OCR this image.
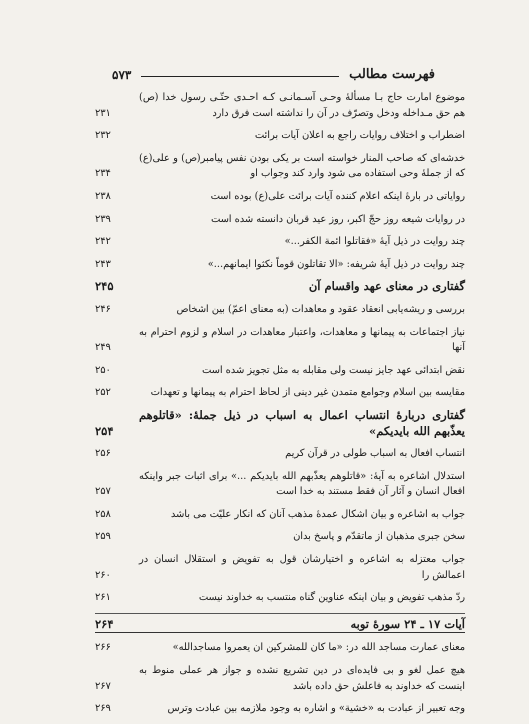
فهرست مطالب
۵۷۳
موضوع امارت حاج بـا مسألهٔ وحـی آسـمانـی کـه احـدی حتّـی رسول خدا (ص) هم حق مـداخله ودخل وتصرّف در آن را نداشته است فرق دارد
۲۳۱
اضطراب و اختلاف روایات راجع به اعلان آیات برائت
۲۳۲
خدشه‌ای که صاحب المنار خواسته است بر یکی بودن نفس پیامبر(ص) و علی(ع) که از جملهٔ وحی استفاده می شود وارد کند وجواب او
۲۳۴
روایاتی در بارهٔ اینکه اعلام کننده آیات برائت علی(ع) بوده است
۲۳۸
در روایات شیعه روز حجّ اکبر، روز عید قربان دانسته شده است
۲۳۹
چند روایت در ذیل آیهٔ «فقاتلوا ائمة الکفر...»
۲۴۲
چند روایت در ذیل آیهٔ شریفه: «الا تقاتلون قوماً نکثوا ایمانهم...»
۲۴۳
گفتاری در معنای عهد واقسام آن
۲۴۵
بررسی و ریشه‌یابی انعقاد عقود و معاهدات (به معنای اعمّ) بین اشخاص
۲۴۶
نیاز اجتماعات به پیمانها و معاهدات، واعتبار معاهدات در اسلام و لزوم احترام به آنها
۲۴۹
نقض ابتدائی عهد جایز نیست ولی مقابله به مثل تجویز شده است
۲۵۰
مقایسه بین اسلام وجوامع متمدن غیر دینی از لحاظ احترام به پیمانها و تعهدات
۲۵۲
گفتاری دربارهٔ انتساب اعمال به اسباب در ذیل جملهٔ: «قاتلوهم یعذّبهم الله بایدیکم»
۲۵۴
انتساب افعال به اسباب طولی در قرآن کریم
۲۵۶
استدلال اشاعره به آیهٔ: «قاتلوهم یعذّبهم الله بایدیکم ...» برای اثبات جبر واینکه افعال انسان و آثار آن فقط مستند به خدا است
۲۵۷
جواب به اشاعره و بیان اشکال عمدهٔ مذهب آنان که انکار علیّت می باشد
۲۵۸
سخن جبری مذهبان از ماتقدّم و پاسخ بدان
۲۵۹
جواب معتزله به اشاعره و اختیارشان قول به تفویض و استقلال انسان در اعمالش را
۲۶۰
ردّ مذهب تفویض و بیان اینکه عناوین گناه منتسب به خداوند نیست
۲۶۱
آیات ۱۷ ـ ۲۴ سورهٔ توبه
۲۶۴
معنای عمارت مساجد الله در: «ما کان للمشرکین ان یعمروا مساجدالله»
۲۶۶
هیچ عمل لغو و بی فایده‌ای در دین تشریع نشده و جواز هر عملی منوط به اینست که خداوند به فاعلش حق داده باشد
۲۶۷
وجه تعبیر از عبادت به «خشیة» و اشاره به وجود ملازمه بین عبادت وترس
۲۶۹
